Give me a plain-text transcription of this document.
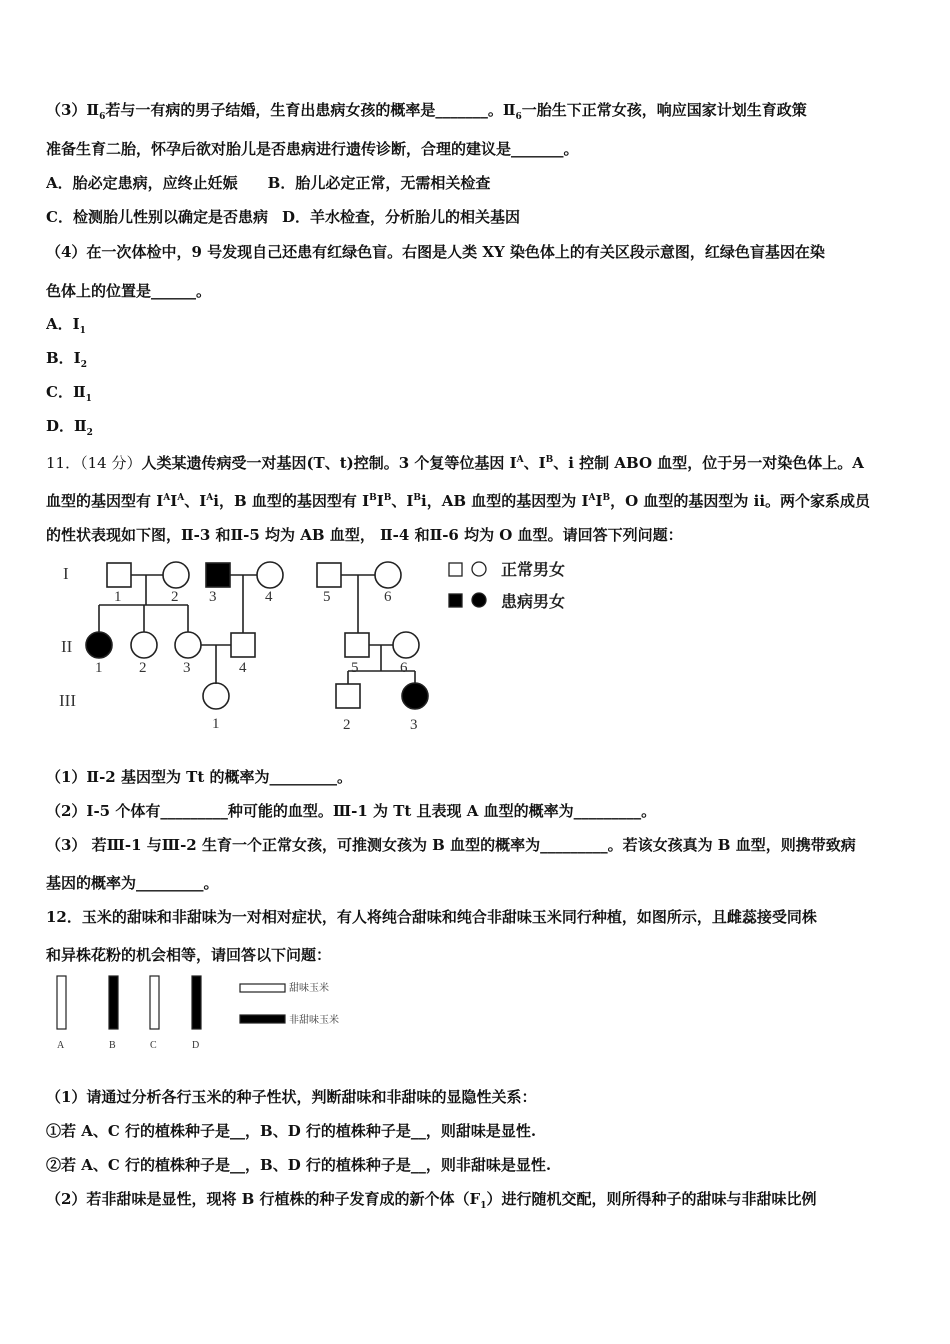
$(3)Ⅱ_6$若与一有病的男子结婚，生育出患病女孩的概率是_______。$Ⅱ_6$一胎生下正常女孩，响应国家计划生育政策
准备生育二胎，怀孕后欲对胎儿是否患病进行遗传诊断，合理的建议是_______。
A．胎必定患病，应终止妊娠 B．胎儿必定正常，无需相关检查
C．检测胎儿性别以确定是否患病 D．羊水检查，分析胎儿的相关基因
（4）在一次体检中，9 号发现自己还患有红绿色盲。右图是人类 XY 染色体上的有关区段示意图，红绿色盲基因在染
色体上的位置是______。
A．$I_1$
B．$I_2$
C．$Ⅱ_1$
D．$Ⅱ_2$
11．（14 分）人类某遗传病受一对基因(T、t)控制。3 个复等位基因 $I^A$、$I^B$、i 控制 ABO 血型，位于另一对染色体上。A
血型的基因型有 $I^AI^A$、$I^Ai$，B 血型的基因型有 $I^BI^B$、$I^Bi$，AB 血型的基因型为 $I^AI^B$，O 血型的基因型为 ii。两个家系成员
的性状表现如下图，Ⅱ-3 和Ⅱ-5 均为 AB 血型， Ⅱ-4 和Ⅱ-6 均为 O 血型。请回答下列问题：
I
II
III
1	2 3	4	5	6
1 2 3	4	5	6
1	2	3
正常男女
患病男女
（1）Ⅱ-2 基因型为 Tt 的概率为_________。
（2）Ⅰ-5 个体有_________种可能的血型。Ⅲ-1 为 Tt 且表现 A 血型的概率为_________。
（3） 若Ⅲ-1 与Ⅲ-2 生育一个正常女孩，可推测女孩为 B 血型的概率为_________。若该女孩真为 B 血型，则携带致病
基因的概率为_________。
12．玉米的甜味和非甜味为一对相对症状，有人将纯合甜味和纯合非甜味玉米同行种植，如图所示，且雌蕊接受同株
和异株花粉的机会相等，请回答以下问题：
A	B	C	D
甜味玉米
非甜味玉米
（1）请通过分析各行玉米的种子性状，判断甜味和非甜味的显隐性关系：
①若 A、C 行的植株种子是__，B、D 行的植株种子是__，则甜味是显性.
②若 A、C 行的植株种子是__，B、D 行的植株种子是__，则非甜味是显性.
（2）若非甜味是显性，现将 B 行植株的种子发育成的新个体$(F_1)$进行随机交配，则所得种子的甜味与非甜味比例
